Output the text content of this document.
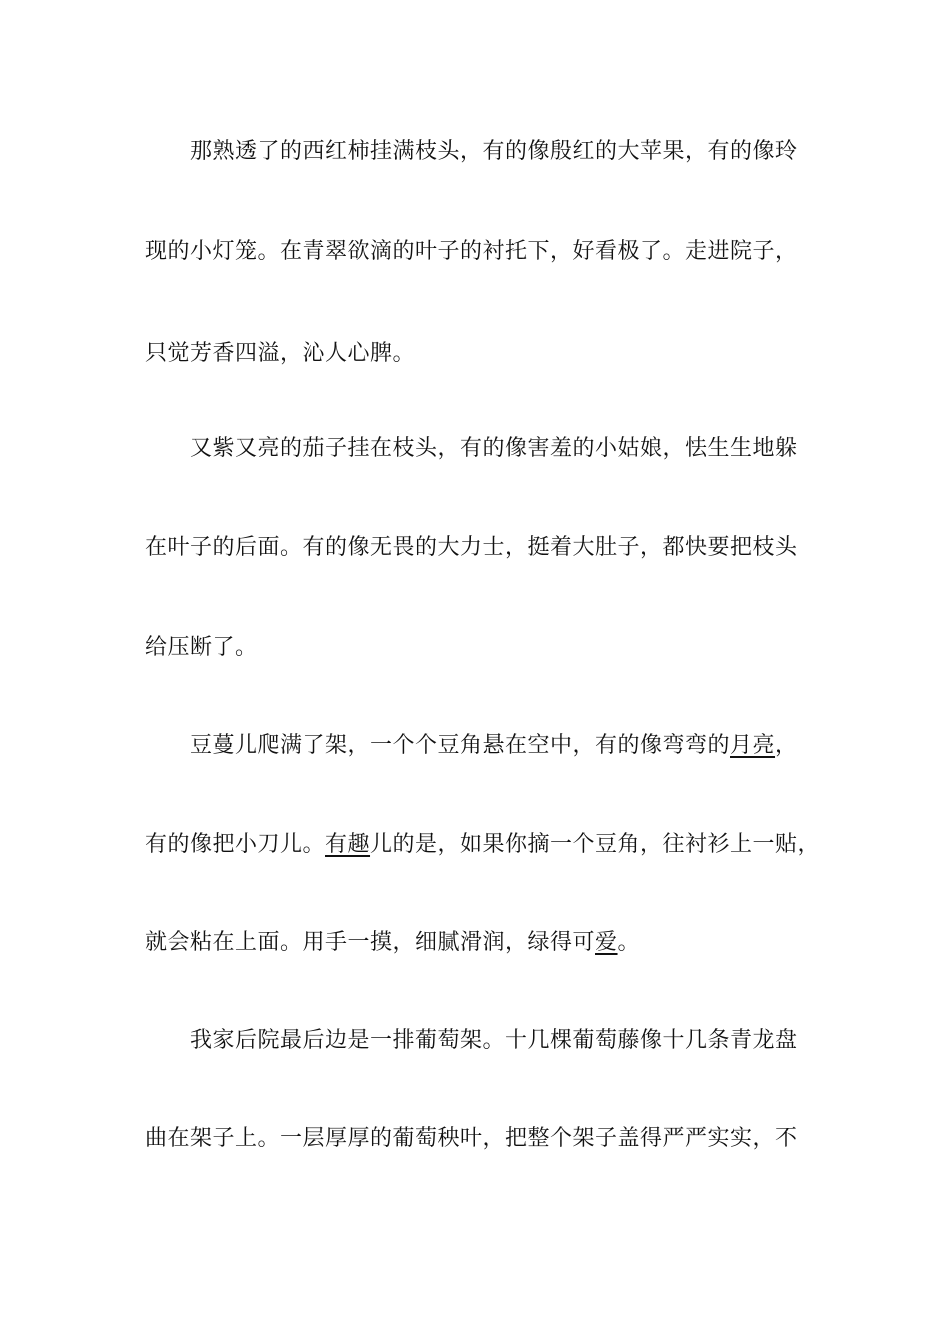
那熟透了的西红柿挂满枝头，有的像殷红的大苹果，有的像玲
现的小灯笼。在青翠欲滴的叶子的衬托下，好看极了。走进院子，
只觉芳香四溢，沁人心脾。
又紫又亮的茄子挂在枝头，有的像害羞的小姑娘，怯生生地躲
在叶子的后面。有的像无畏的大力士，挺着大肚子，都快要把枝头
给压断了。
豆蔓儿爬满了架，一个个豆角悬在空中，有的像弯弯的月亮，
有的像把小刀儿。有趣儿的是，如果你摘一个豆角，往衬衫上一贴，
就会粘在上面。用手一摸，细腻滑润，绿得可爱。
我家后院最后边是一排葡萄架。十几棵葡萄藤像十几条青龙盘
曲在架子上。一层厚厚的葡萄秧叶，把整个架子盖得严严实实，不
